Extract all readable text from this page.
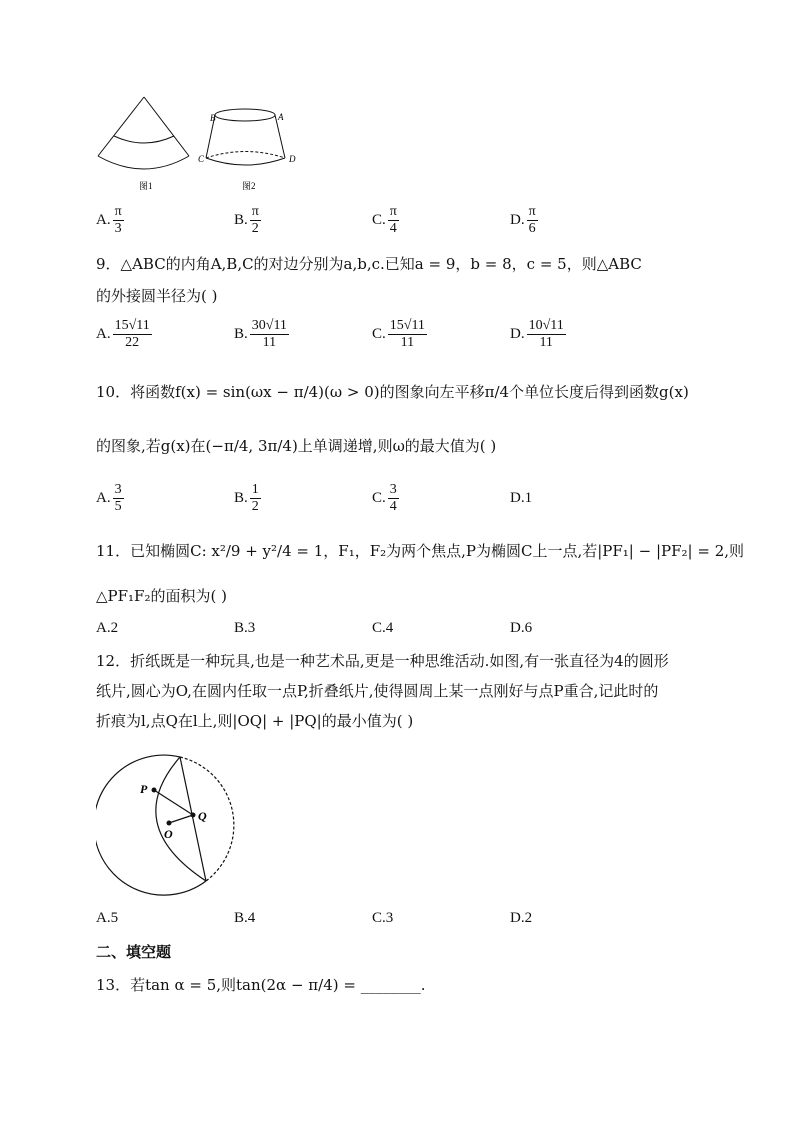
图1
B	A
C	D
图2
A. $\frac{\pi}{3}$	B. $\frac{\pi}{2}$	C. $\frac{\pi}{4}$	D. $\frac{\pi}{6}$
9．△ABC的内角A,B,C的对边分别为a,b,c.已知a = 9，b = 8，c = 5，则△ABC
的外接圆半径为( )
A. $\frac{15√11}{22}$	B. $\frac{30√11}{11}$	C. $\frac{15√11}{11}$	D. $\frac{10√11}{11}$
10．将函数f(x) = sin(ωx − π/4)(ω > 0)的图象向左平移π/4个单位长度后得到函数g(x)
的图象,若g(x)在(−π/4, 3π/4)上单调递增,则ω的最大值为( )
A. $\frac{3}{5}$	B. $\frac{1}{2}$	C. $\frac{3}{4}$	D.1
11．已知椭圆C: x²/9 + y²/4 = 1，F₁，F₂为两个焦点,P为椭圆C上一点,若|PF₁| − |PF₂| = 2,则
△PF₁F₂的面积为( )
A.2	B.3	C.4	D.6
12．折纸既是一种玩具,也是一种艺术品,更是一种思维活动.如图,有一张直径为4的圆形
纸片,圆心为O,在圆内任取一点P,折叠纸片,使得圆周上某一点刚好与点P重合,记此时的
折痕为l,点Q在l上,则|OQ| + |PQ|的最小值为( )
P
Q
O
A.5	B.4	C.3	D.2
二、填空题
13．若tan α = 5,则tan(2α − π/4) = ________.
